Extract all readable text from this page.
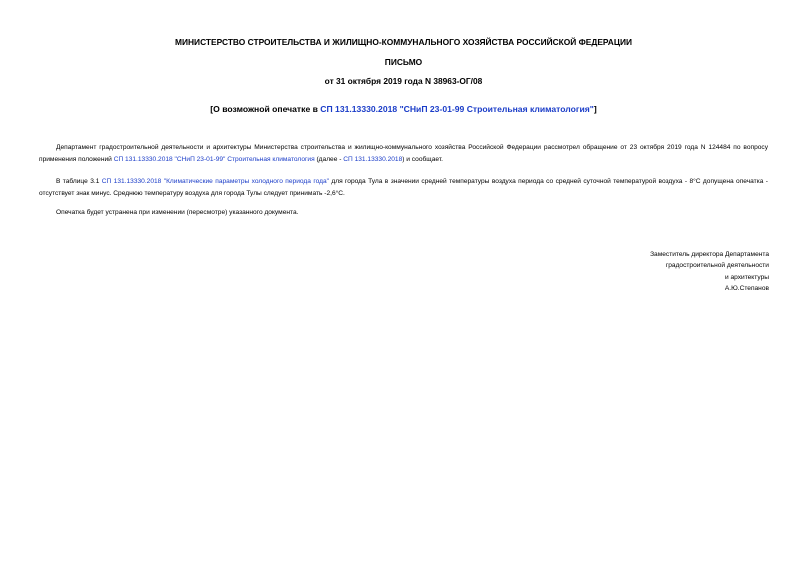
МИНИСТЕРСТВО СТРОИТЕЛЬСТВА И ЖИЛИЩНО-КОММУНАЛЬНОГО ХОЗЯЙСТВА РОССИЙСКОЙ ФЕДЕРАЦИИ
ПИСЬМО
от 31 октября 2019 года N 38963-ОГ/08
[О возможной опечатке в СП 131.13330.2018 "СНиП 23-01-99 Строительная климатология"]
Департамент градостроительной деятельности и архитектуры Министерства строительства и жилищно-коммунального хозяйства Российской Федерации рассмотрел обращение от 23 октября 2019 года N 124484 по вопросу применения положений СП 131.13330.2018 "СНиП 23-01-99" Строительная климатология (далее - СП 131.13330.2018) и сообщает.
В таблице 3.1 СП 131.13330.2018 "Климатические параметры холодного периода года" для города Тула в значении средней температуры воздуха периода со средней суточной температурой воздуха - 8°С допущена опечатка - отсутствует знак минус. Среднюю температуру воздуха для города Тулы следует принимать -2,6°С.
Опечатка будет устранена при изменении (пересмотре) указанного документа.
Заместитель директора Департамента
градостроительной деятельности
и архитектуры
А.Ю.Степанов
